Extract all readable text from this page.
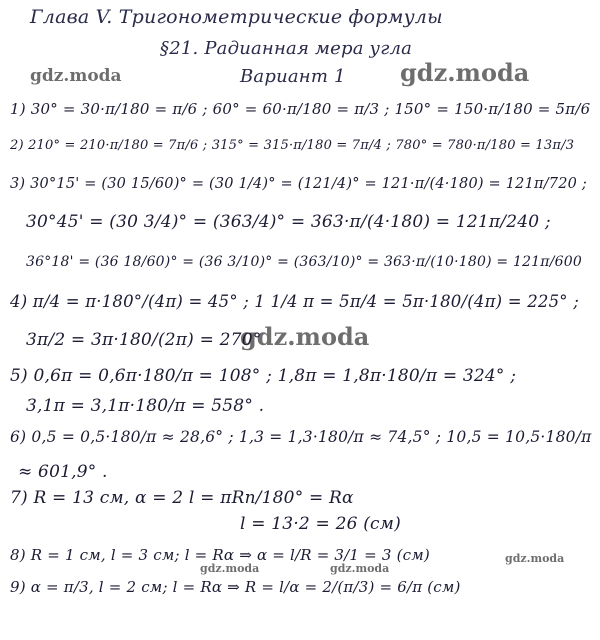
Глава V. Тригонометрические формулы
§21. Радианная мера угла
Вариант 1
gdz.moda	gdz.moda
gdz.moda
gdz.moda	gdz.moda
gdz.moda
1) 30° = 30·π/180 = π/6 ; 60° = 60·π/180 = π/3 ; 150° = 150·π/180 = 5π/6
2) 210° = 210·π/180 = 7π/6 ; 315° = 315·π/180 = 7π/4 ; 780° = 780·π/180 = 13π/3
3) 30°15' = (30 15/60)° = (30 1/4)° = (121/4)° = 121·π/(4·180) = 121π/720 ;
30°45' = (30 3/4)° = (363/4)° = 363·π/(4·180) = 121π/240 ;
36°18' = (36 18/60)° = (36 3/10)° = (363/10)° = 363·π/(10·180) = 121π/600
4) π/4 = π·180°/(4π) = 45° ; 1 1/4 π = 5π/4 = 5π·180/(4π) = 225° ;
3π/2 = 3π·180/(2π) = 270°
5) 0,6π = 0,6π·180/π = 108° ; 1,8π = 1,8π·180/π = 324° ;
3,1π = 3,1π·180/π = 558° .
6) 0,5 = 0,5·180/π ≈ 28,6° ; 1,3 = 1,3·180/π ≈ 74,5° ; 10,5 = 10,5·180/π
≈ 601,9° .
7) R = 13 см, α = 2 l = πRn/180° = Rα
l = 13·2 = 26 (см)
8) R = 1 см, l = 3 см; l = Rα ⇒ α = l/R = 3/1 = 3 (см)
9) α = π/3, l = 2 см; l = Rα ⇒ R = l/α = 2/(π/3) = 6/π (см)
